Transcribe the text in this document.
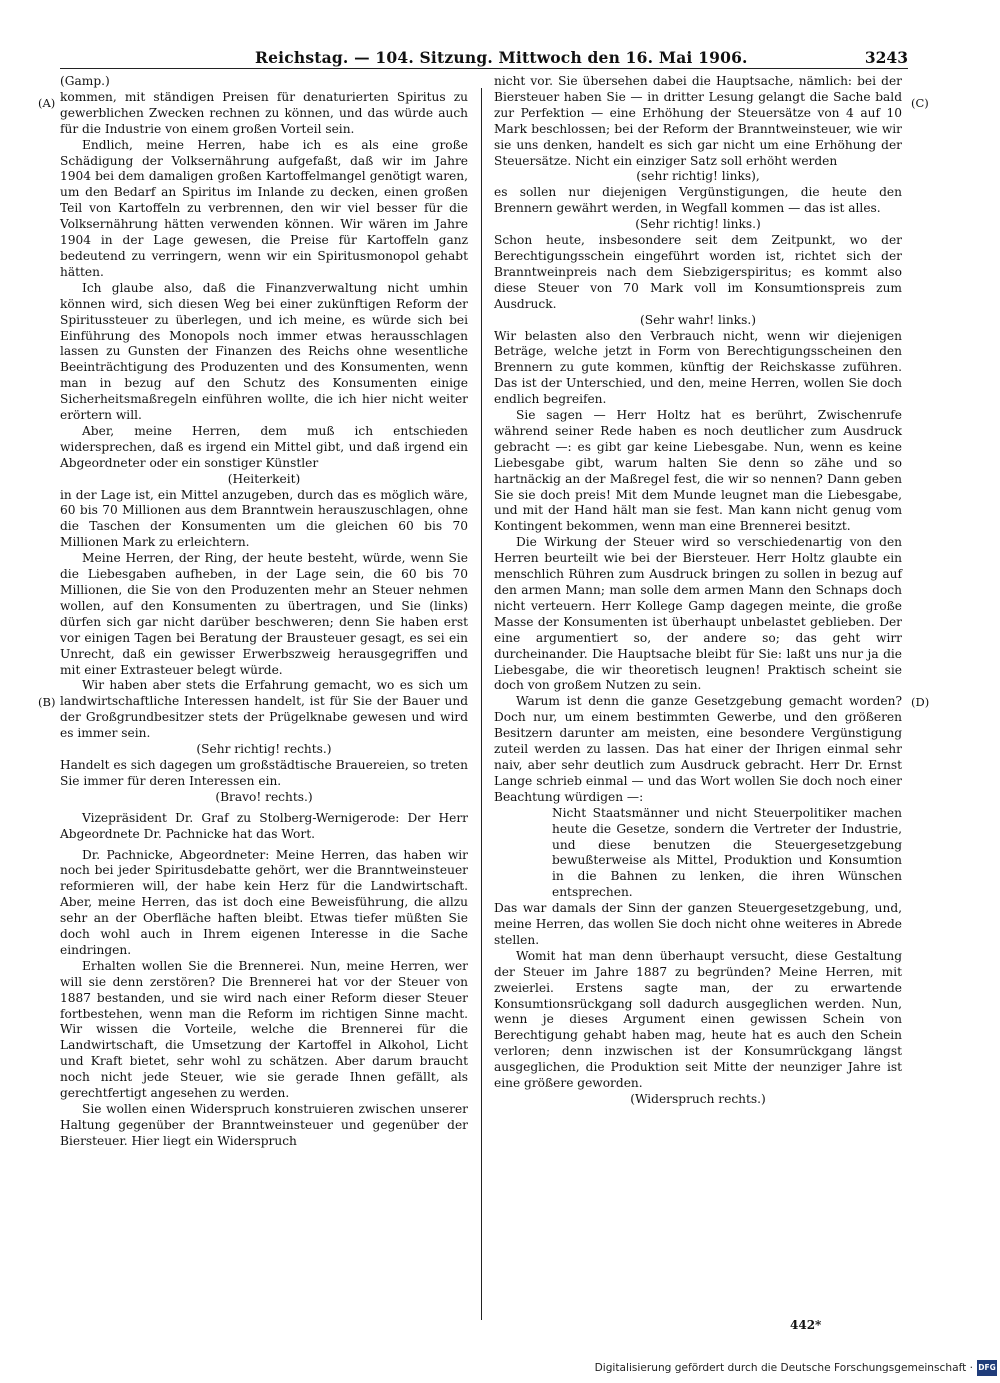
Reichstag. — 104. Sitzung. Mittwoch den 16. Mai 1906.	3243
(A)
(B)
(C)
(D)

(Gamp.)

kommen, mit ständigen Preisen für denaturierten Spiritus zu gewerblichen Zwecken rechnen zu können, und das würde auch für die Industrie von einem großen Vorteil sein.

Endlich, meine Herren, habe ich es als eine große Schädigung der Volksernährung aufgefaßt, daß wir im Jahre 1904 bei dem damaligen großen Kartoffelmangel genötigt waren, um den Bedarf an Spiritus im Inlande zu decken, einen großen Teil von Kartoffeln zu verbrennen, den wir viel besser für die Volksernährung hätten verwenden können. Wir wären im Jahre 1904 in der Lage gewesen, die Preise für Kartoffeln ganz bedeutend zu verringern, wenn wir ein Spiritusmonopol gehabt hätten.

Ich glaube also, daß die Finanzverwaltung nicht umhin können wird, sich diesen Weg bei einer zukünftigen Reform der Spiritussteuer zu überlegen, und ich meine, es würde sich bei Einführung des Monopols noch immer etwas herausschlagen lassen zu Gunsten der Finanzen des Reichs ohne wesentliche Beeinträchtigung des Produzenten und des Konsumenten, wenn man in bezug auf den Schutz des Konsumenten einige Sicherheitsmaßregeln einführen wollte, die ich hier nicht weiter erörtern will.

Aber, meine Herren, dem muß ich entschieden widersprechen, daß es irgend ein Mittel gibt, und daß irgend ein Abgeordneter oder ein sonstiger Künstler

(Heiterkeit)

in der Lage ist, ein Mittel anzugeben, durch das es möglich wäre, 60 bis 70 Millionen aus dem Branntwein herauszuschlagen, ohne die Taschen der Konsumenten um die gleichen 60 bis 70 Millionen Mark zu erleichtern.

Meine Herren, der Ring, der heute besteht, würde, wenn Sie die Liebesgaben aufheben, in der Lage sein, die 60 bis 70 Millionen, die Sie von den Produzenten mehr an Steuer nehmen wollen, auf den Konsumenten zu übertragen, und Sie (links) dürfen sich gar nicht darüber beschweren; denn Sie haben erst vor einigen Tagen bei Beratung der Brausteuer gesagt, es sei ein Unrecht, daß ein gewisser Erwerbszweig herausgegriffen und mit einer Extrasteuer belegt würde.

Wir haben aber stets die Erfahrung gemacht, wo es sich um landwirtschaftliche Interessen handelt, ist für Sie der Bauer und der Großgrundbesitzer stets der Prügelknabe gewesen und wird es immer sein.

(Sehr richtig! rechts.)

Handelt es sich dagegen um großstädtische Brauereien, so treten Sie immer für deren Interessen ein.

(Bravo! rechts.)

Vizepräsident Dr. Graf zu Stolberg-Wernigerode: Der Herr Abgeordnete Dr. Pachnicke hat das Wort.

Dr. Pachnicke, Abgeordneter: Meine Herren, das haben wir noch bei jeder Spiritusdebatte gehört, wer die Branntweinsteuer reformieren will, der habe kein Herz für die Landwirtschaft. Aber, meine Herren, das ist doch eine Beweisführung, die allzu sehr an der Oberfläche haften bleibt. Etwas tiefer müßten Sie doch wohl auch in Ihrem eigenen Interesse in die Sache eindringen.

Erhalten wollen Sie die Brennerei. Nun, meine Herren, wer will sie denn zerstören? Die Brennerei hat vor der Steuer von 1887 bestanden, und sie wird nach einer Reform dieser Steuer fortbestehen, wenn man die Reform im richtigen Sinne macht. Wir wissen die Vorteile, welche die Brennerei für die Landwirtschaft, die Umsetzung der Kartoffel in Alkohol, Licht und Kraft bietet, sehr wohl zu schätzen. Aber darum braucht noch nicht jede Steuer, wie sie gerade Ihnen gefällt, als gerechtfertigt angesehen zu werden.

Sie wollen einen Widerspruch konstruieren zwischen unserer Haltung gegenüber der Branntweinsteuer und gegenüber der Biersteuer. Hier liegt ein Widerspruch

nicht vor. Sie übersehen dabei die Hauptsache, nämlich: bei der Biersteuer haben Sie — in dritter Lesung gelangt die Sache bald zur Perfektion — eine Erhöhung der Steuersätze von 4 auf 10 Mark beschlossen; bei der Reform der Branntweinsteuer, wie wir sie uns denken, handelt es sich gar nicht um eine Erhöhung der Steuersätze. Nicht ein einziger Satz soll erhöht werden

(sehr richtig! links),

es sollen nur diejenigen Vergünstigungen, die heute den Brennern gewährt werden, in Wegfall kommen — das ist alles.

(Sehr richtig! links.)

Schon heute, insbesondere seit dem Zeitpunkt, wo der Berechtigungsschein eingeführt worden ist, richtet sich der Branntweinpreis nach dem Siebzigerspiritus; es kommt also diese Steuer von 70 Mark voll im Konsumtionspreis zum Ausdruck.

(Sehr wahr! links.)

Wir belasten also den Verbrauch nicht, wenn wir diejenigen Beträge, welche jetzt in Form von Berechtigungsscheinen den Brennern zu gute kommen, künftig der Reichskasse zuführen. Das ist der Unterschied, und den, meine Herren, wollen Sie doch endlich begreifen.

Sie sagen — Herr Holtz hat es berührt, Zwischenrufe während seiner Rede haben es noch deutlicher zum Ausdruck gebracht —: es gibt gar keine Liebesgabe. Nun, wenn es keine Liebesgabe gibt, warum halten Sie denn so zähe und so hartnäckig an der Maßregel fest, die wir so nennen? Dann geben Sie sie doch preis! Mit dem Munde leugnet man die Liebesgabe, und mit der Hand hält man sie fest. Man kann nicht genug vom Kontingent bekommen, wenn man eine Brennerei besitzt.

Die Wirkung der Steuer wird so verschiedenartig von den Herren beurteilt wie bei der Biersteuer. Herr Holtz glaubte ein menschlich Rühren zum Ausdruck bringen zu sollen in bezug auf den armen Mann; man solle dem armen Mann den Schnaps doch nicht verteuern. Herr Kollege Gamp dagegen meinte, die große Masse der Konsumenten ist überhaupt unbelastet geblieben. Der eine argumentiert so, der andere so; das geht wirr durcheinander. Die Hauptsache bleibt für Sie: laßt uns nur ja die Liebesgabe, die wir theoretisch leugnen! Praktisch scheint sie doch von großem Nutzen zu sein.

Warum ist denn die ganze Gesetzgebung gemacht worden? Doch nur, um einem bestimmten Gewerbe, und den größeren Besitzern darunter am meisten, eine besondere Vergünstigung zuteil werden zu lassen. Das hat einer der Ihrigen einmal sehr naiv, aber sehr deutlich zum Ausdruck gebracht. Herr Dr. Ernst Lange schrieb einmal — und das Wort wollen Sie doch noch einer Beachtung würdigen —:

Nicht Staatsmänner und nicht Steuerpolitiker machen heute die Gesetze, sondern die Vertreter der Industrie, und diese benutzen die Steuergesetzgebung bewußterweise als Mittel, Produktion und Konsumtion in die Bahnen zu lenken, die ihren Wünschen entsprechen.

Das war damals der Sinn der ganzen Steuergesetzgebung, und, meine Herren, das wollen Sie doch nicht ohne weiteres in Abrede stellen.

Womit hat man denn überhaupt versucht, diese Gestaltung der Steuer im Jahre 1887 zu begründen? Meine Herren, mit zweierlei. Erstens sagte man, der zu erwartende Konsumtionsrückgang soll dadurch ausgeglichen werden. Nun, wenn je dieses Argument einen gewissen Schein von Berechtigung gehabt haben mag, heute hat es auch den Schein verloren; denn inzwischen ist der Konsumrückgang längst ausgeglichen, die Produktion seit Mitte der neunziger Jahre ist eine größere geworden.

(Widerspruch rechts.)

442*
Digitalisierung gefördert durch die Deutsche Forschungsgemeinschaft · DFG
